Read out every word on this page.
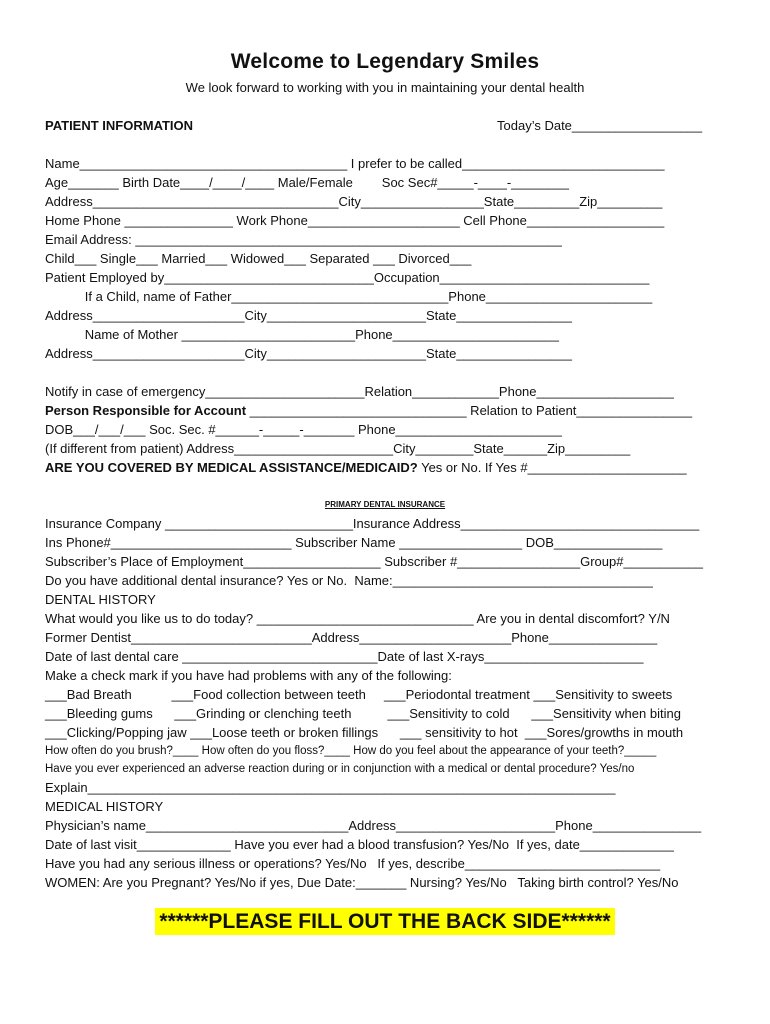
Welcome to Legendary Smiles
We look forward to working with you in maintaining your dental health
PATIENT INFORMATION	Today’s Date__________________
Name_____________________________________ I prefer to be called____________________________
Age_______ Birth Date____/____/____ Male/Female        Soc Sec#_____-____-________
Address__________________________________City_________________State_________Zip_________
Home Phone _______________ Work Phone_____________________ Cell Phone___________________
Email Address: ___________________________________________________________
Child___ Single___ Married___ Widowed___ Separated ___ Divorced___
Patient Employed by_____________________________Occupation_____________________________
If a Child, name of Father______________________________Phone_______________________
Address_____________________City______________________State________________
Name of Mother ________________________Phone_______________________
Address_____________________City______________________State________________
Notify in case of emergency______________________Relation____________Phone___________________
Person Responsible for Account ______________________________ Relation to Patient________________
DOB___/___/___ Soc. Sec. #______-_____-_______ Phone_______________________
(If different from patient) Address______________________City________State______Zip_________
ARE YOU COVERED BY MEDICAL ASSISTANCE/MEDICAID? Yes or No. If Yes #______________________
PRIMARY DENTAL INSURANCE
Insurance Company __________________________Insurance Address_________________________________
Ins Phone#_________________________ Subscriber Name _________________ DOB_______________
Subscriber’s Place of Employment___________________ Subscriber #_________________Group#___________
Do you have additional dental insurance? Yes or No.  Name:____________________________________
DENTAL HISTORY
What would you like us to do today? ______________________________ Are you in dental discomfort? Y/N
Former Dentist_________________________Address_____________________Phone_______________
Date of last dental care ___________________________Date of last X-rays______________________
Make a check mark if you have had problems with any of the following:
___Bad Breath           ___Food collection between teeth     ___Periodontal treatment ___Sensitivity to sweets
___Bleeding gums      ___Grinding or clenching teeth          ___Sensitivity to cold      ___Sensitivity when biting
___Clicking/Popping jaw ___Loose teeth or broken fillings      ___ sensitivity to hot  ___Sores/growths in mouth
How often do you brush?____ How often do you floss?____ How do you feel about the appearance of your teeth?_____
Have you ever experienced an adverse reaction during or in conjunction with a medical or dental procedure? Yes/no
Explain_________________________________________________________________________
MEDICAL HISTORY
Physician’s name____________________________Address______________________Phone_______________
Date of last visit_____________ Have you ever had a blood transfusion? Yes/No  If yes, date_____________
Have you had any serious illness or operations? Yes/No   If yes, describe___________________________
WOMEN: Are you Pregnant? Yes/No if yes, Due Date:_______ Nursing? Yes/No   Taking birth control? Yes/No
******PLEASE FILL OUT THE BACK SIDE******
